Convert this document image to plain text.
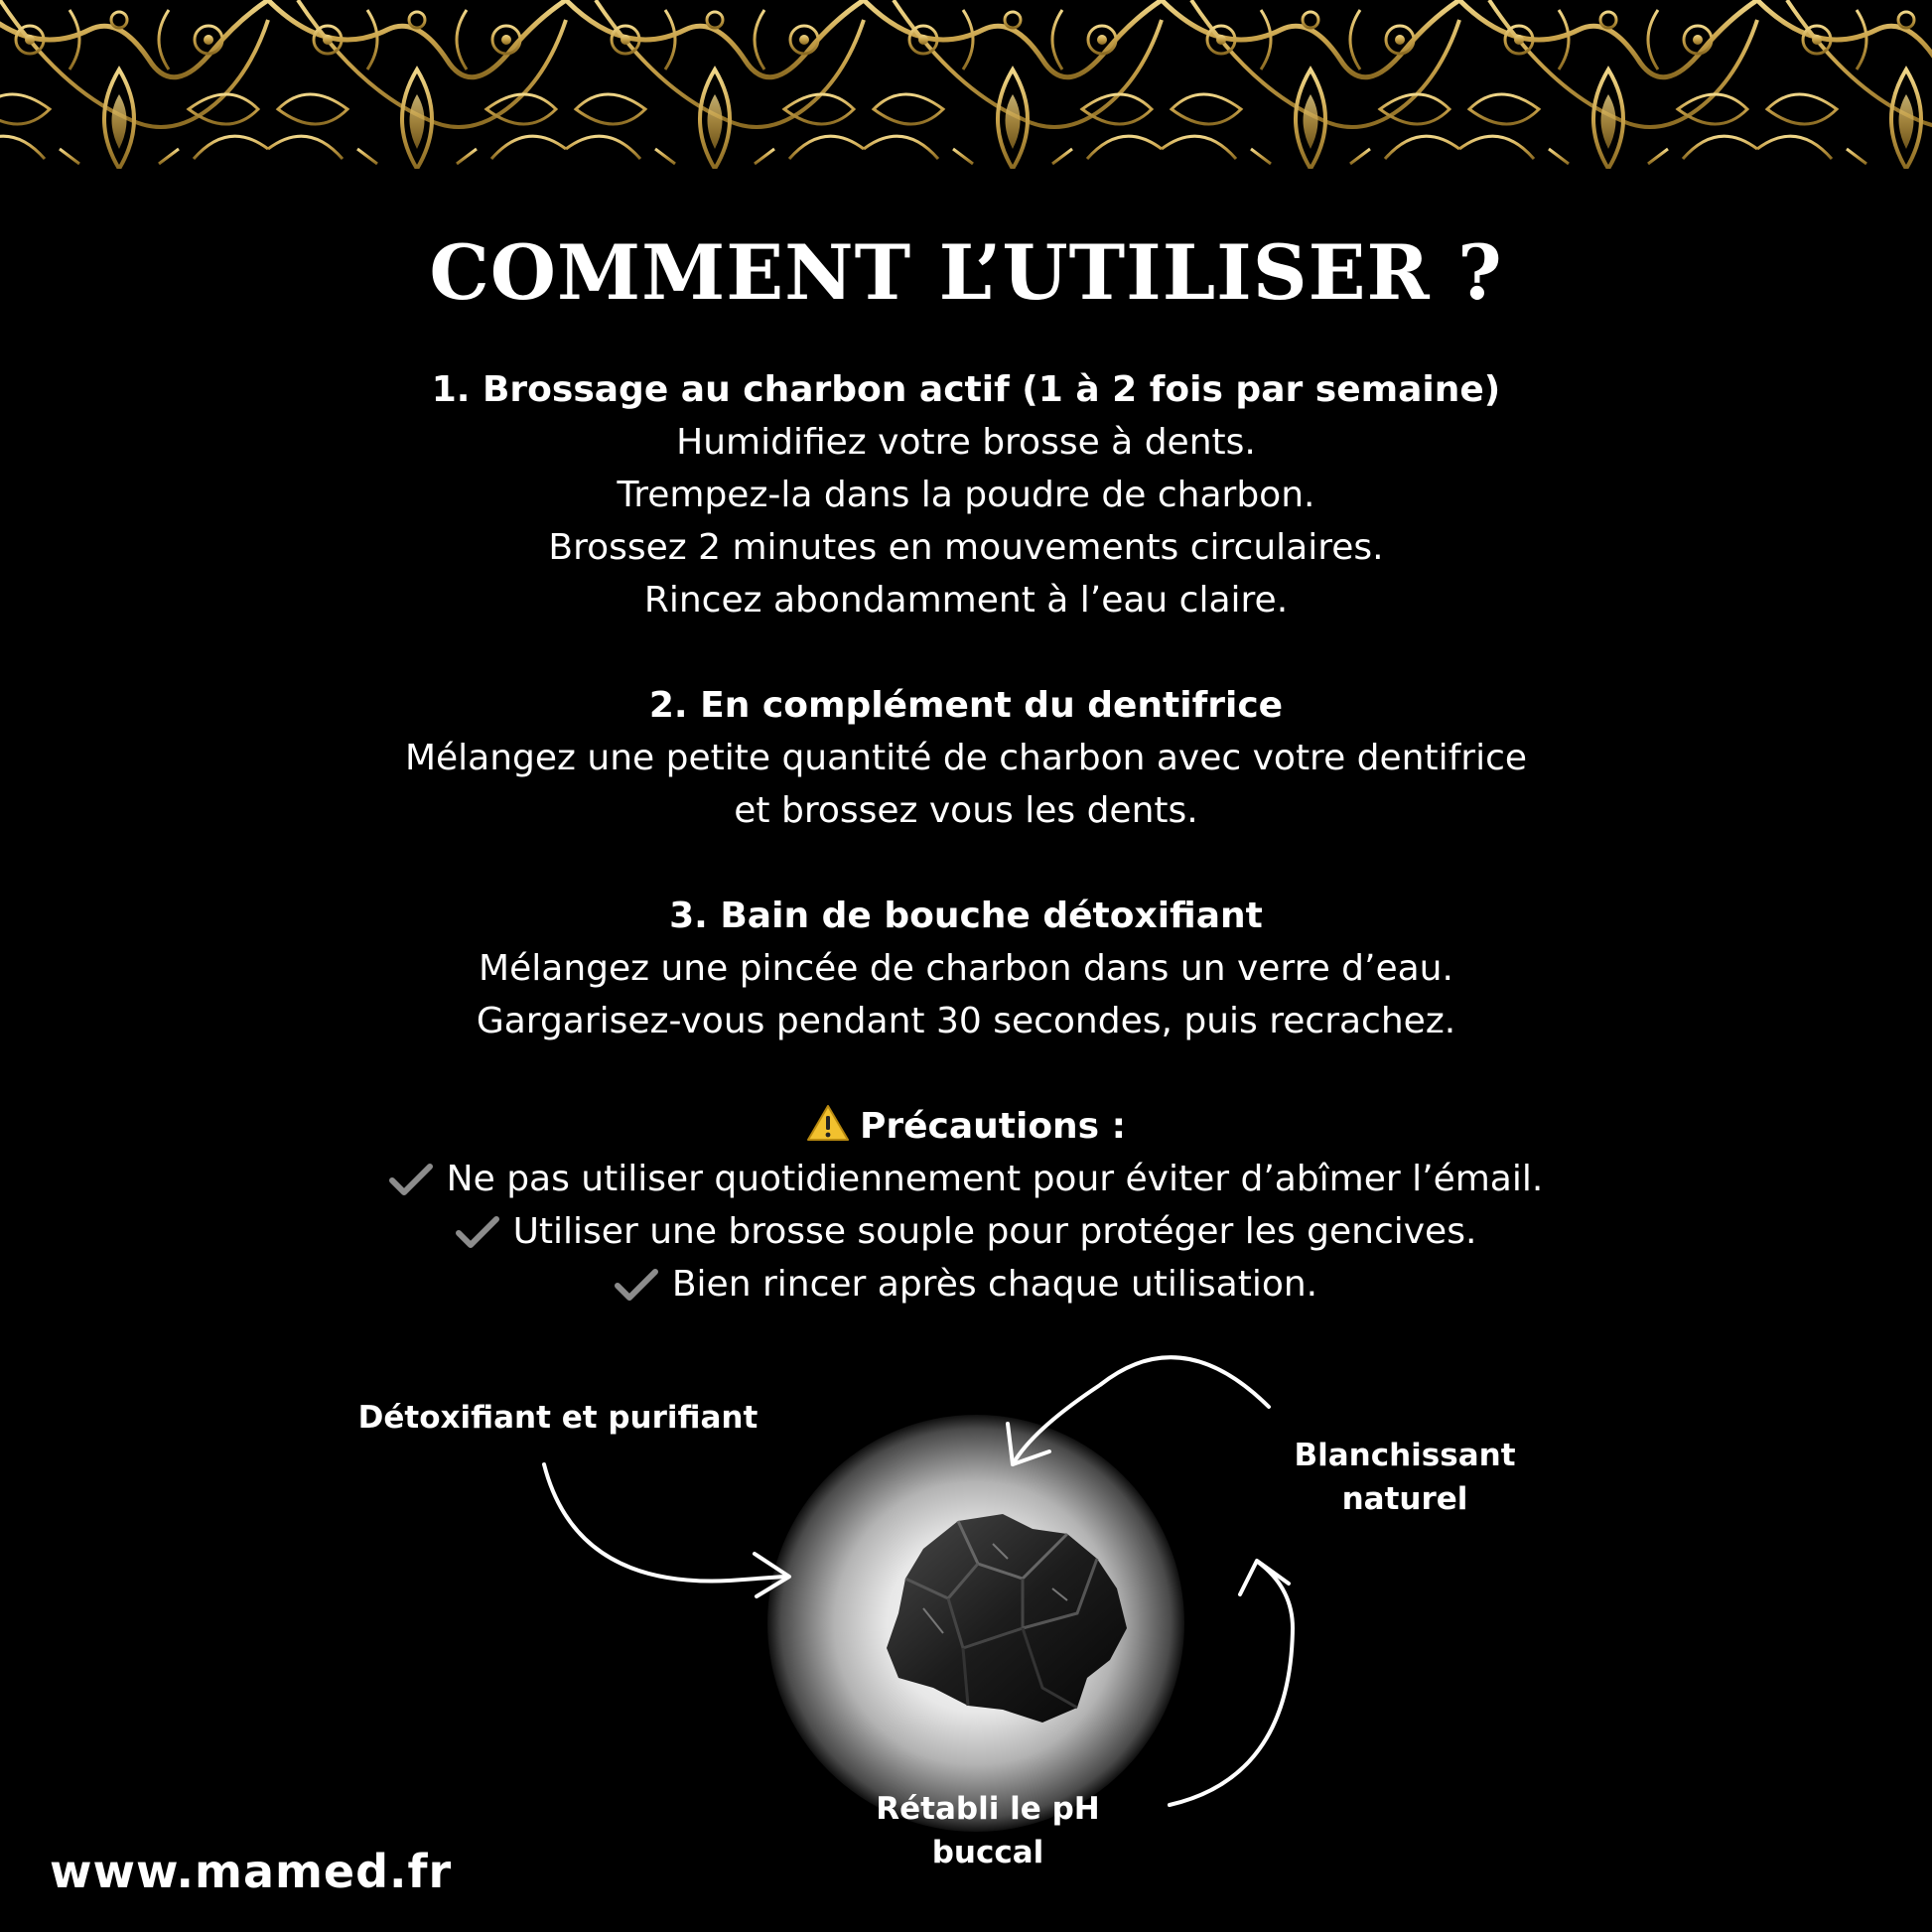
COMMENT L’UTILISER ?
1. Brossage au charbon actif (1 à 2 fois par semaine)
Humidifiez votre brosse à dents.
Trempez-la dans la poudre de charbon.
Brossez 2 minutes en mouvements circulaires.
Rincez abondamment à l’eau claire.
2. En complément du dentifrice
Mélangez une petite quantité de charbon avec votre dentifrice
et brossez vous les dents.
3. Bain de bouche détoxifiant
Mélangez une pincée de charbon dans un verre d’eau.
Gargarisez-vous pendant 30 secondes, puis recrachez.
Précautions :
Ne pas utiliser quotidiennement pour éviter d’abîmer l’émail.
Utiliser une brosse souple pour protéger les gencives.
Bien rincer après chaque utilisation.
Détoxifiant et purifiant
Blanchissant
naturel
Rétabli le pH
buccal
www.mamed.fr
